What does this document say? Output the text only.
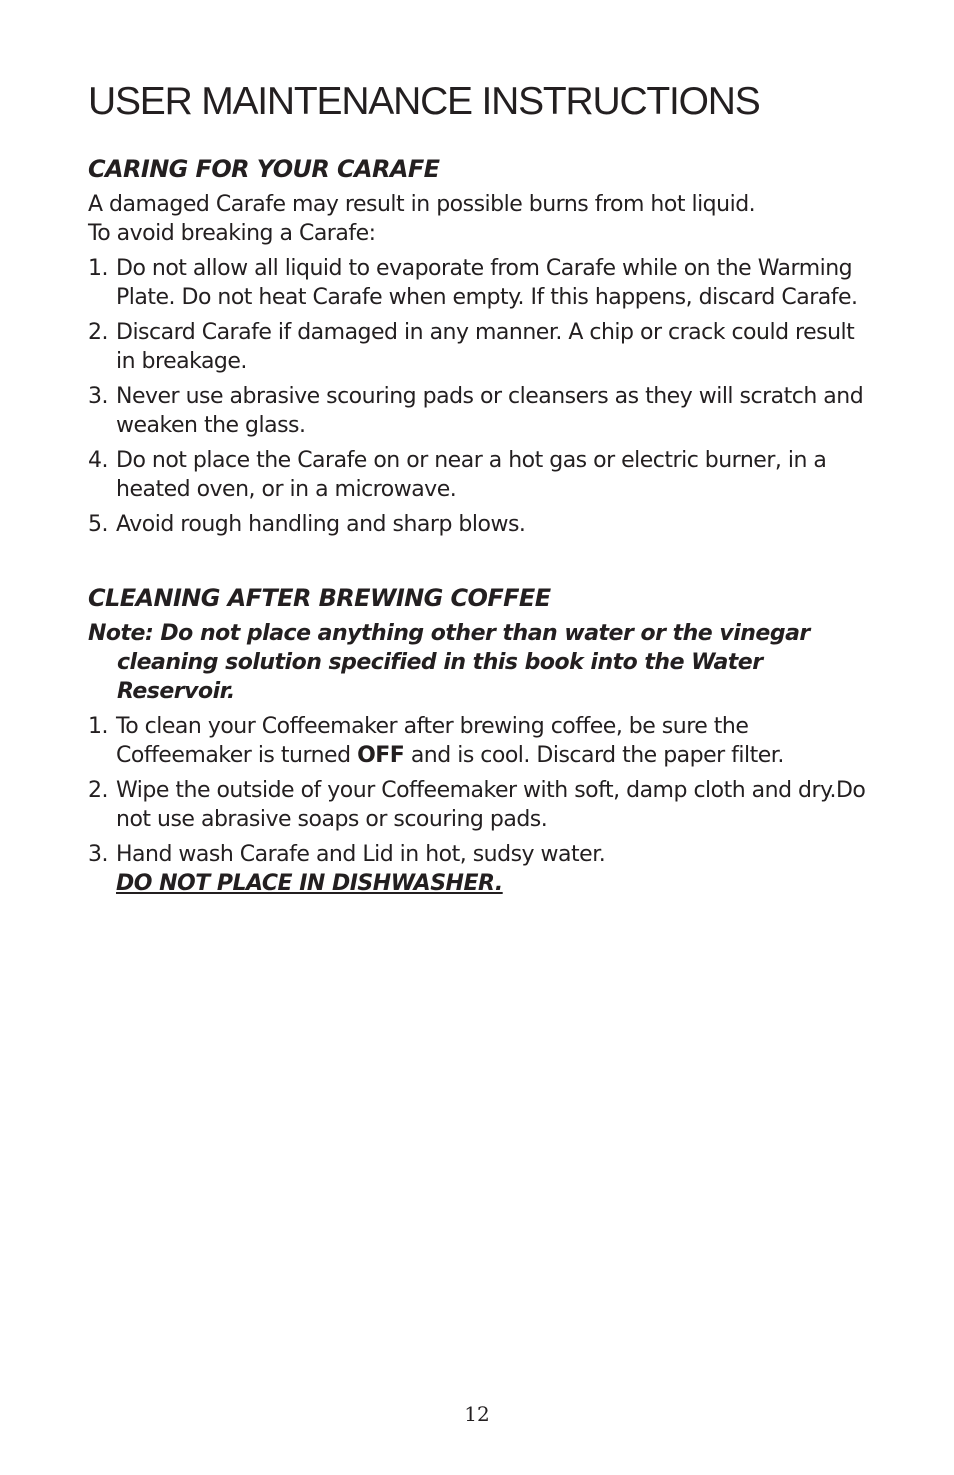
USER MAINTENANCE INSTRUCTIONS
CARING FOR YOUR CARAFE

A damaged Carafe may result in possible burns from hot liquid.
To avoid breaking a Carafe:

1. Do not allow all liquid to evaporate from Carafe while on the Warming Plate. Do not heat Carafe when empty. If this happens, discard Carafe.

2. Discard Carafe if damaged in any manner. A chip or crack could result in breakage.

3. Never use abrasive scouring pads or cleansers as they will scratch and weaken the glass.

4. Do not place the Carafe on or near a hot gas or electric burner, in a heated oven, or in a microwave.

5. Avoid rough handling and sharp blows.

CLEANING AFTER BREWING COFFEE

Note: Do not place anything other than water or the vinegar cleaning solution specified in this book into the Water Reservoir.

1. To clean your Coffeemaker after brewing coffee, be sure the Coffeemaker is turned OFF and is cool. Discard the paper filter.

2. Wipe the outside of your Coffeemaker with soft, damp cloth and dry.Do not use abrasive soaps or scouring pads.

3. Hand wash Carafe and Lid in hot, sudsy water.
DO NOT PLACE IN DISHWASHER.

12
